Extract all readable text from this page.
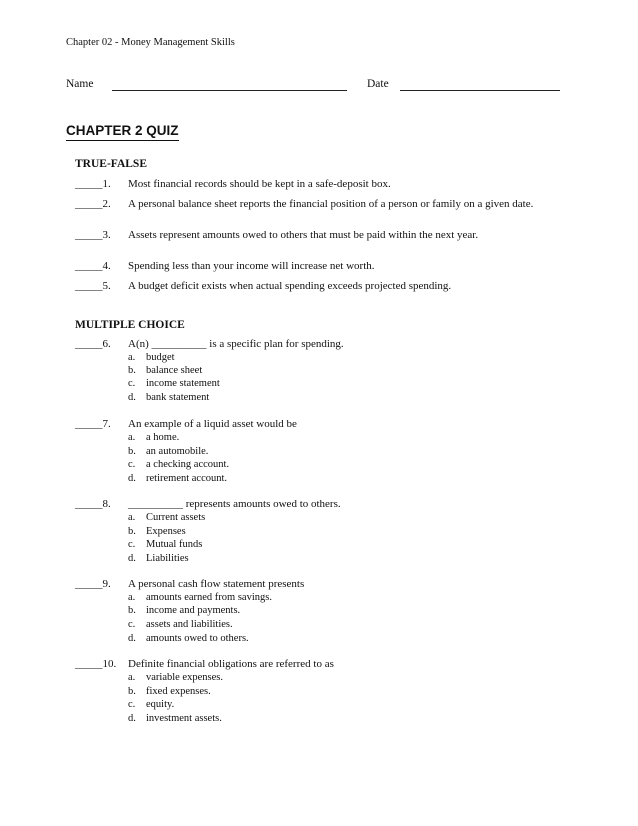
Chapter 02 - Money Management Skills
Name	Date
CHAPTER 2 QUIZ
TRUE-FALSE
_____1. Most financial records should be kept in a safe-deposit box.
_____2. A personal balance sheet reports the financial position of a person or family on a given date.
_____3. Assets represent amounts owed to others that must be paid within the next year.
_____4. Spending less than your income will increase net worth.
_____5. A budget deficit exists when actual spending exceeds projected spending.
MULTIPLE CHOICE
_____6. A(n) __________ is a specific plan for spending.
a. budget
b. balance sheet
c. income statement
d. bank statement
_____7. An example of a liquid asset would be
a. a home.
b. an automobile.
c. a checking account.
d. retirement account.
_____8. __________ represents amounts owed to others.
a. Current assets
b. Expenses
c. Mutual funds
d. Liabilities
_____9. A personal cash flow statement presents
a. amounts earned from savings.
b. income and payments.
c. assets and liabilities.
d. amounts owed to others.
_____10. Definite financial obligations are referred to as
a. variable expenses.
b. fixed expenses.
c. equity.
d. investment assets.
